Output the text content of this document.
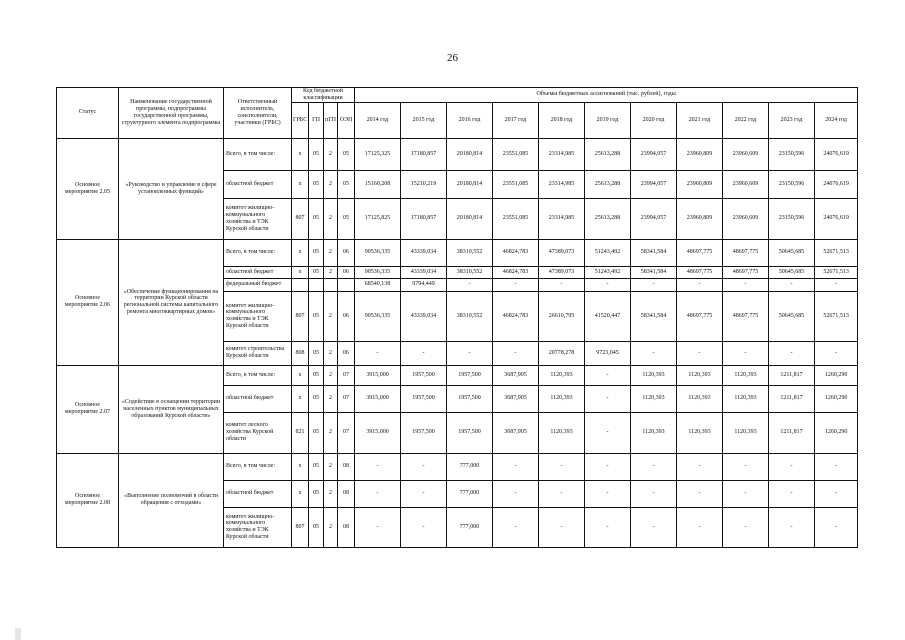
26
Статус	Наименование государственной программы, подпрограммы государственной программы, структурного элемента подпрограммы	Ответственный исполнитель, соисполнители, участники (ГРБС)	Код бюджетной классификации				Объемы бюджетных ассигнований (тыс. рублей), годы										
			ГРБС	ГП	пГП	ОЭП	2014 год	2015 год	2016 год	2017 год	2018 год	2019 год	2020 год	2021 год	2022 год	2023 год	2024 год
Основное мероприятие 2.05	«Руководство и управление в сфере установленных функций»	Всего, в том числе:	х	05	2	05	17125,325	17180,857	20180,814	23551,085	23314,985	25613,288	23994,057	23960,809	23960,609	23150,596	24076,619
		областной бюджет	х	05	2	05	15160,208	15210,219	20180,814	23551,085	23314,985	25613,288	23994,057	23960,809	23960,609	23150,596	24076,619
		комитет жилищно-коммунального хозяйства и ТЭК Курской области	807	05	2	05	17125,825	17180,857	20180,814	23551,085	23314,985	25613,288	23994,057	23960,809	23960,609	23150,596	24076,619
Основное мероприятие 2.06	«Обеспечение функционирования на территории Курской области региональной системы капитального ремонта многоквартирных домов»	Всего, в том числе:	х	05	2	06	90536,335	43339,034	38310,552	46824,783	47389,073	51243,492	58341,584	48697,775	48697,775	50645,685	52671,513
		областной бюджет	х	05	2	06	90536,335	43339,034	38310,552	46824,783	47389,073	51243,492	58341,584	48697,775	48697,775	50645,685	52671,513
		федеральный бюджет					68540,138	9794,449	-	-	-	-	-	-	-	-	-
		комитет жилищно-коммунального хозяйства и ТЭК Курской области	807	05	2	06	90536,335	43339,034	38310,552	46824,783	26610,795	41520,447	58341,584	48697,775	48697,775	50645,685	52671,513
		комитет строительства Курской области	808	05	2	06	-	-	-	-	20778,278	9723,045	-	-	-	-	-
Основное мероприятие 2.07	«Содействие в оснащении территории населенных пунктов муниципальных образований Курской области»	Всего, в том числе:	х	05	2	07	3915,000	1957,500	1957,500	3687,905	1120,393	-	1120,393	1120,393	1120,393	1211,817	1260,290
		областной бюджет	х	05	2	07	3915,000	1957,500	1957,500	3687,905	1120,393	-	1120,393	1120,393	1120,393	1211,817	1260,290
		комитет лесного хозяйства Курской области	821	05	2	07	3915,000	1957,500	1957,500	3687,905	1120,393	-	1120,393	1120,393	1120,393	1211,817	1260,290
Основное мероприятие 2.08	«Выполнение полномочий в области обращения с отходами»	Всего, в том числе:	х	05	2	08	-	-	777,000	-	-	-	-	-	-	-	-
		областной бюджет	х	05	2	08	-	-	777,000	-	-	-	-	-	-	-	-
		комитет жилищно-коммунального хозяйства и ТЭК Курской области	807	05	2	08	-	-	777,000	-	-	-	-	-	-	-	-
